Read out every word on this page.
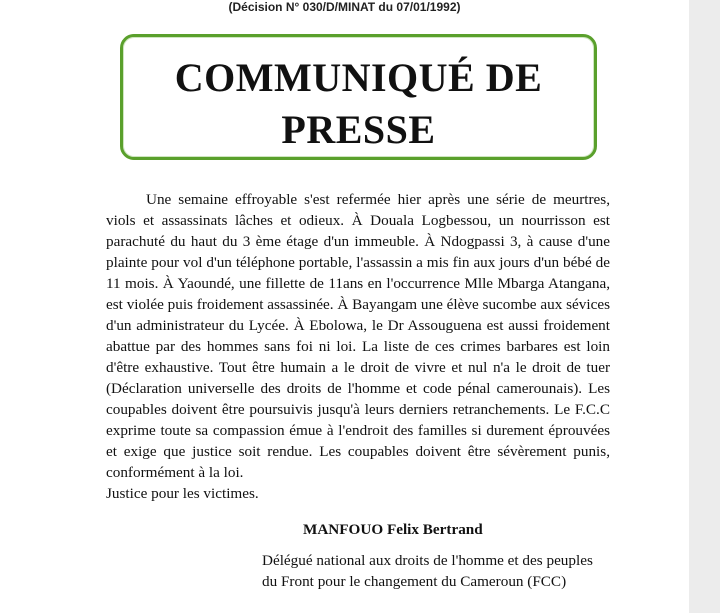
(Décision N° 030/D/MINAT du 07/01/1992)
COMMUNIQUÉ DE
PRESSE

Une semaine effroyable s'est refermée hier après une série de meurtres, viols et assassinats lâches et odieux. À Douala Logbessou, un nourrisson est parachuté du haut du 3 ème étage d'un immeuble. À Ndogpassi 3, à cause d'une plainte pour vol d'un téléphone portable, l'assassin a mis fin aux jours d'un bébé de 11 mois. À Yaoundé, une fillette de 11ans en l'occurrence Mlle Mbarga Atangana, est violée puis froidement assassinée. À Bayangam une élève sucombe aux sévices d'un administrateur du Lycée. À Ebolowa, le Dr Assouguena est aussi froidement abattue par des hommes sans foi ni loi. La liste de ces crimes barbares est loin d'être exhaustive. Tout être humain a le droit de vivre et nul n'a le droit de tuer (Déclaration universelle des droits de l'homme et code pénal camerounais). Les coupables doivent être poursuivis jusqu'à leurs derniers retranchements. Le F.C.C exprime toute sa compassion émue à l'endroit des familles si durement éprouvées et exige que justice soit rendue. Les coupables doivent être sévèrement punis, conformément à la loi.

Justice pour les victimes.
MANFOUO Felix Bertrand
Délégué national aux droits de l'homme et des peuples
du Front pour le changement du Cameroun (FCC)
